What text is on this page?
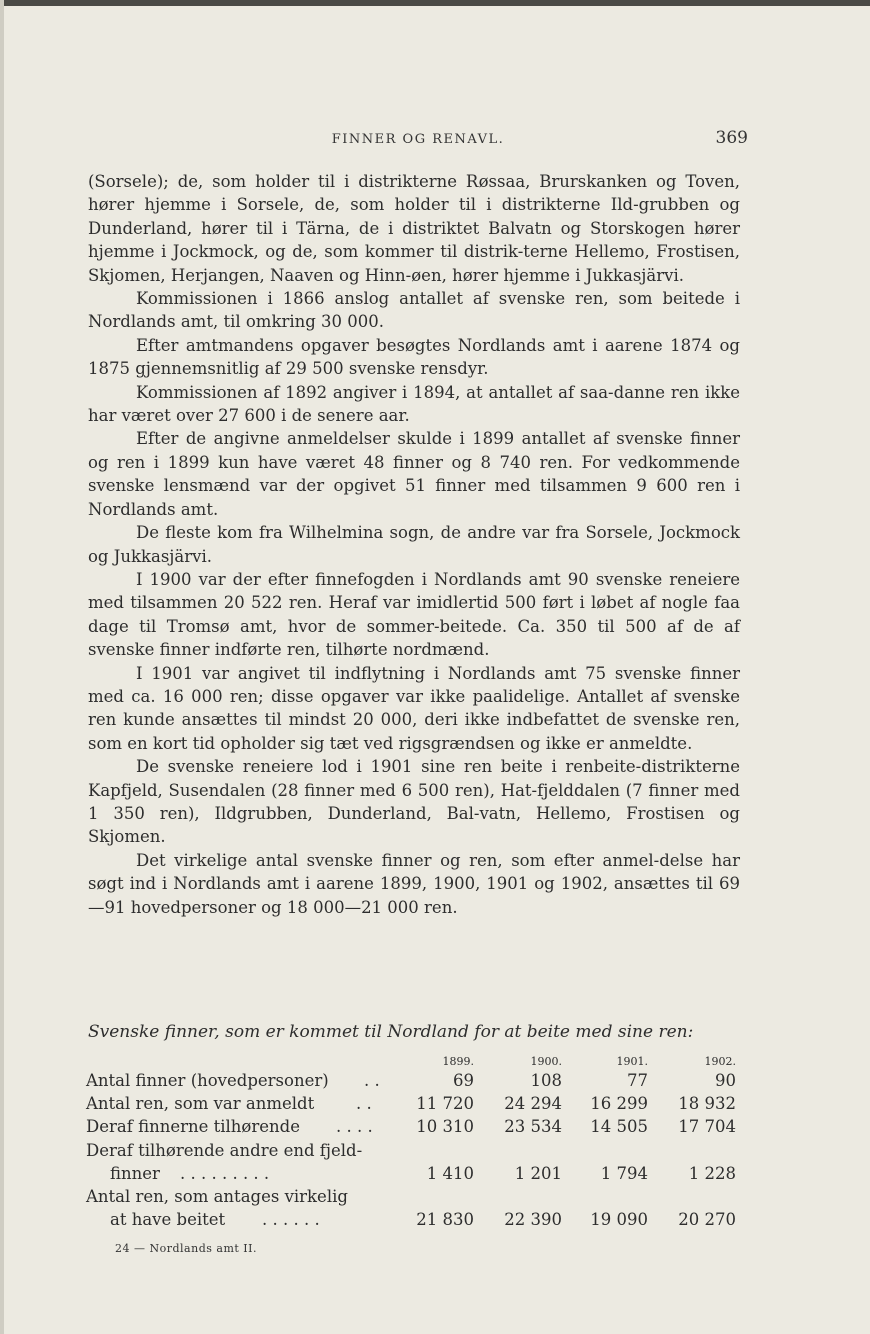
FINNER OG RENAVL.	369

(Sorsele); de, som holder til i distrikterne Røssaa, Brurskanken og Toven, hører hjemme i Sorsele, de, som holder til i distrikterne Ild-grubben og Dunderland, hører til i Tärna, de i distriktet Balvatn og Storskogen hører hjemme i Jockmock, og de, som kommer til distrik-terne Hellemo, Frostisen, Skjomen, Herjangen, Naaven og Hinn-øen, hører hjemme i Jukkasjärvi.

Kommissionen i 1866 anslog antallet af svenske ren, som beitede i Nordlands amt, til omkring 30 000.

Efter amtmandens opgaver besøgtes Nordlands amt i aarene 1874 og 1875 gjennemsnitlig af 29 500 svenske rensdyr.

Kommissionen af 1892 angiver i 1894, at antallet af saa-danne ren ikke har været over 27 600 i de senere aar.

Efter de angivne anmeldelser skulde i 1899 antallet af svenske finner og ren i 1899 kun have været 48 finner og 8 740 ren. For vedkommende svenske lensmænd var der opgivet 51 finner med tilsammen 9 600 ren i Nordlands amt.

De fleste kom fra Wilhelmina sogn, de andre var fra Sorsele, Jockmock og Jukkasjärvi.

I 1900 var der efter finnefogden i Nordlands amt 90 svenske reneiere med tilsammen 20 522 ren. Heraf var imidlertid 500 ført i løbet af nogle faa dage til Tromsø amt, hvor de sommer-beitede. Ca. 350 til 500 af de af svenske finner indførte ren, tilhørte nordmænd.

I 1901 var angivet til indflytning i Nordlands amt 75 svenske finner med ca. 16 000 ren; disse opgaver var ikke paalidelige. Antallet af svenske ren kunde ansættes til mindst 20 000, deri ikke indbefattet de svenske ren, som en kort tid opholder sig tæt ved rigsgrændsen og ikke er anmeldte.

De svenske reneiere lod i 1901 sine ren beite i renbeite-distrikterne Kapfjeld, Susendalen (28 finner med 6 500 ren), Hat-fjelddalen (7 finner med 1 350 ren), Ildgrubben, Dunderland, Bal-vatn, Hellemo, Frostisen og Skjomen.

Det virkelige antal svenske finner og ren, som efter anmel-delse har søgt ind i Nordlands amt i aarene 1899, 1900, 1901 og 1902, ansættes til 69—91 hovedpersoner og 18 000—21 000 ren.

Svenske finner, som er kommet til Nordland for at beite med sine ren:
1899.	1900.	1901.	1902.
Antal finner (hovedpersoner) . .	69	108	77	90
Antal ren, som var anmeldt	. .	11 720	24 294	16 299	18 932
Deraf finnerne tilhørende . . . .	10 310	23 534	14 505	17 704
Deraf tilhørende andre end fjeld-
finner . . . . . . . . .	1 410	1 201	1 794	1 228
Antal ren, som antages virkelig
at have beitet . . . . . .	21 830	22 390	19 090	20 270
24 — Nordlands amt II.
